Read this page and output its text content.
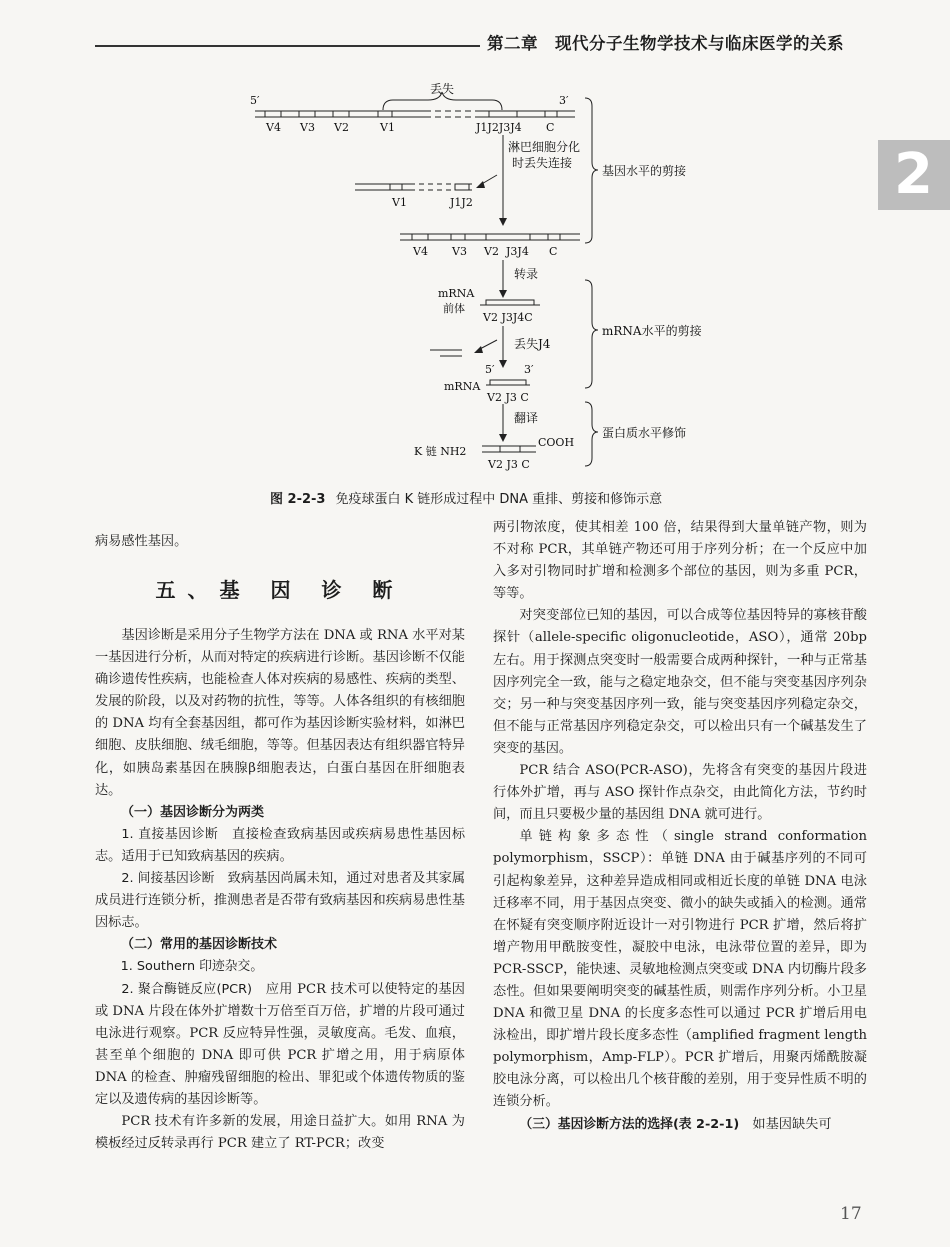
第二章　现代分子生物学技术与临床医学的关系
2
5′	3′
丢失
V4 V3 V2	V1	J1J2J3J4 C
淋巴细胞分化
时丢失连接
V1	J1J2
V4 V3 V2 J3J4 C
基因水平的剪接
转录
mRNA
前体
V2 J3J4C
丢失J4
5′	3′
mRNA
V2 J3 C
mRNA水平的剪接
翻译
K 链 NH2
COOH
V2 J3 C
蛋白质水平修饰
图 2-2-3 免疫球蛋白 K 链形成过程中 DNA 重排、剪接和修饰示意

病易感性基因。

五、基 因 诊 断

基因诊断是采用分子生物学方法在 DNA 或 RNA 水平对某一基因进行分析，从而对特定的疾病进行诊断。基因诊断不仅能确诊遗传性疾病，也能检查人体对疾病的易感性、疾病的类型、发展的阶段，以及对药物的抗性，等等。人体各组织的有核细胞的 DNA 均有全套基因组，都可作为基因诊断实验材料，如淋巴细胞、皮肤细胞、绒毛细胞，等等。但基因表达有组织器官特异化，如胰岛素基因在胰腺β细胞表达，白蛋白基因在肝细胞表达。

（一）基因诊断分为两类

1. 直接基因诊断　直接检查致病基因或疾病易患性基因标志。适用于已知致病基因的疾病。

2. 间接基因诊断　致病基因尚属未知，通过对患者及其家属成员进行连锁分析，推测患者是否带有致病基因和疾病易患性基因标志。

（二）常用的基因诊断技术

1. Southern 印迹杂交。

2. 聚合酶链反应(PCR)　应用 PCR 技术可以使特定的基因或 DNA 片段在体外扩增数十万倍至百万倍，扩增的片段可通过电泳进行观察。PCR 反应特异性强，灵敏度高。毛发、血痕，甚至单个细胞的 DNA 即可供 PCR 扩增之用，用于病原体 DNA 的检查、肿瘤残留细胞的检出、罪犯或个体遗传物质的鉴定以及遗传病的基因诊断等。

PCR 技术有许多新的发展，用途日益扩大。如用 RNA 为模板经过反转录再行 PCR 建立了 RT-PCR；改变

两引物浓度，使其相差 100 倍，结果得到大量单链产物，则为不对称 PCR，其单链产物还可用于序列分析；在一个反应中加入多对引物同时扩增和检测多个部位的基因，则为多重 PCR，等等。

对突变部位已知的基因，可以合成等位基因特异的寡核苷酸探针（allele-specific oligonucleotide，ASO），通常 20bp 左右。用于探测点突变时一般需要合成两种探针，一种与正常基因序列完全一致，能与之稳定地杂交，但不能与突变基因序列杂交；另一种与突变基因序列一致，能与突变基因序列稳定杂交，但不能与正常基因序列稳定杂交，可以检出只有一个碱基发生了突变的基因。

PCR 结合 ASO(PCR-ASO)，先将含有突变的基因片段进行体外扩增，再与 ASO 探针作点杂交，由此简化方法，节约时间，而且只要极少量的基因组 DNA 就可进行。

单链构象多态性（single strand conformation polymorphism，SSCP）：单链 DNA 由于碱基序列的不同可引起构象差异，这种差异造成相同或相近长度的单链 DNA 电泳迁移率不同，用于基因点突变、微小的缺失或插入的检测。通常在怀疑有突变顺序附近设计一对引物进行 PCR 扩增，然后将扩增产物用甲酰胺变性，凝胶中电泳，电泳带位置的差异，即为 PCR-SSCP，能快速、灵敏地检测点突变或 DNA 内切酶片段多态性。但如果要阐明突变的碱基性质，则需作序列分析。小卫星 DNA 和微卫星 DNA 的长度多态性可以通过 PCR 扩增后用电泳检出，即扩增片段长度多态性（amplified fragment length polymorphism，Amp-FLP）。PCR 扩增后，用聚丙烯酰胺凝胶电泳分离，可以检出几个核苷酸的差别，用于变异性质不明的连锁分析。

（三）基因诊断方法的选择(表 2-2-1)　如基因缺失可

17
